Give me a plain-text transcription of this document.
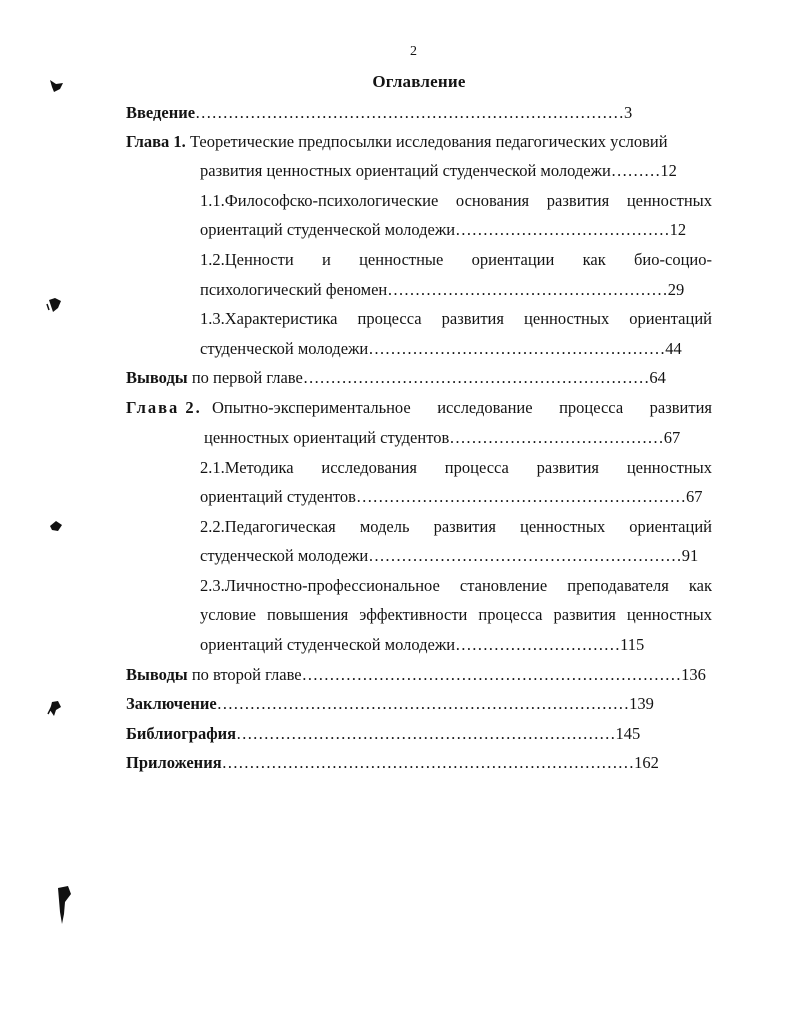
2
Оглавление
Введение……………………………………………………………………3
Глава 1. Теоретические предпосылки исследования педагогических условий
развития ценностных ориентаций студенческой молодежи………12
1.1.Философско-психологические основания развития ценностных
ориентаций студенческой молодежи…………………………………12
1.2.Ценности и ценностные ориентации как био-социо-
психологический феномен……………………………………………29
1.3.Характеристика процесса развития ценностных ориентаций
студенческой молодежи………………………………………………44
Выводы по первой главе………………………………………………………64
Глава 2. Опытно-экспериментальное исследование процесса развития
ценностных ориентаций студентов…………………………………67
2.1.Методика исследования процесса развития ценностных
ориентаций студентов……………………………………………………67
2.2.Педагогическая модель развития ценностных ориентаций
студенческой молодежи…………………………………………………91
2.3.Личностно-профессиональное становление преподавателя как
условие повышения эффективности процесса развития ценностных
ориентаций студенческой молодежи…………………………115
Выводы по второй главе……………………………………………………………136
Заключение…………………………………………………………………139
Библиография……………………………………………………………145
Приложения…………………………………………………………………162
